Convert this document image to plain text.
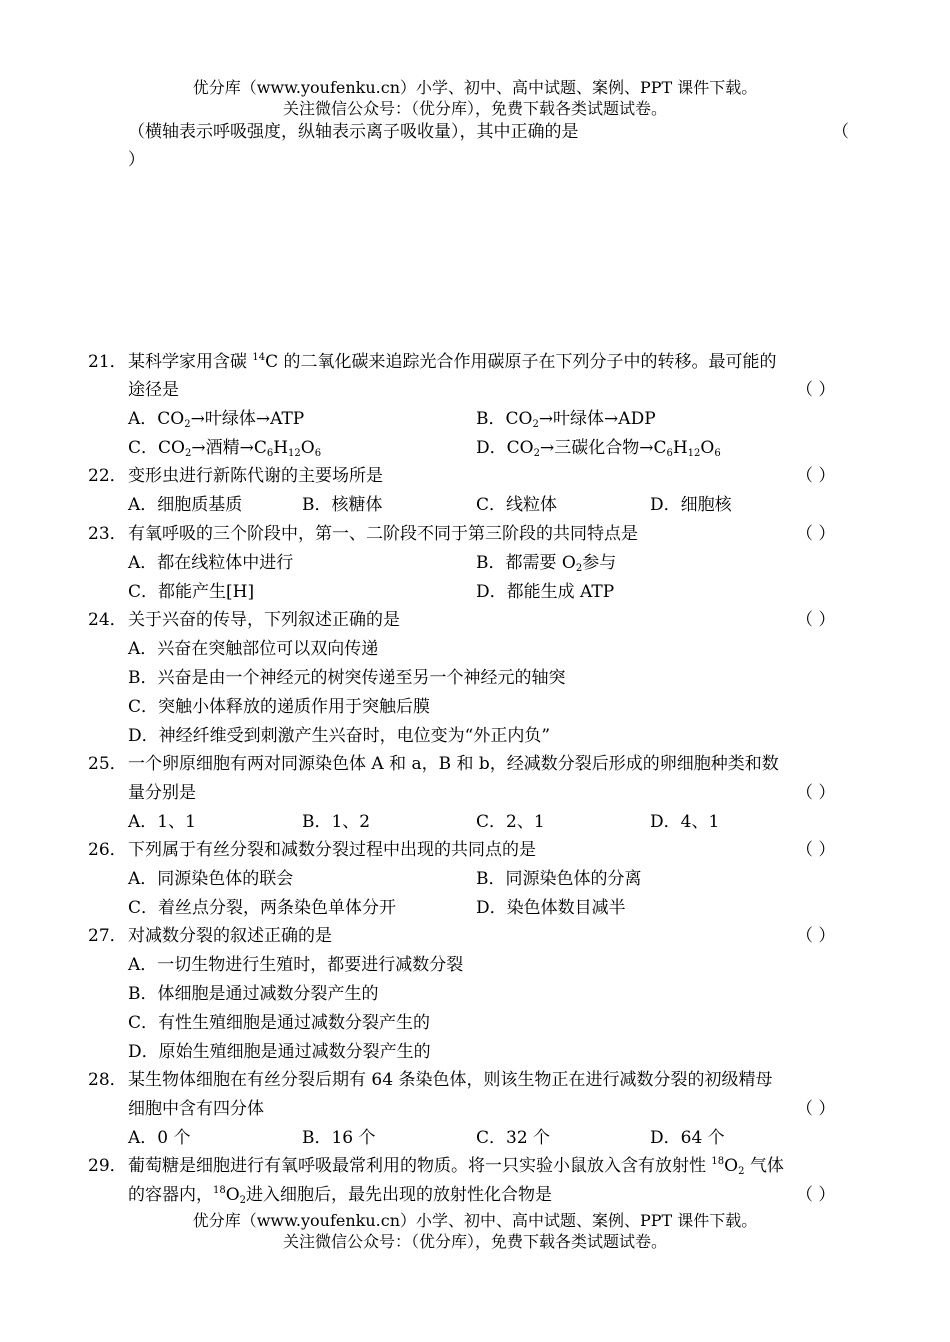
优分库（www.youfenku.cn）小学、初中、高中试题、案例、PPT 课件下载。
关注微信公众号：（优分库），免费下载各类试题试卷。
（横轴表示呼吸强度，纵轴表示离子吸收量），其中正确的是	（
）
21． 某科学家用含碳 $^{14}$C 的二氧化碳来追踪光合作用碳原子在下列分子中的转移。最可能的
途径是	（ ）
A．$CO_2\to$叶绿体→ATP	B．$CO_2\to$叶绿体→ADP
C．$CO_2\to$酒精$\to C_6H_{12}O_6$	D．$CO_2\to$三碳化合物$\to C_6H_{12}O_6$
22． 变形虫进行新陈代谢的主要场所是	（ ）
A．细胞质基质	B．核糖体	C．线粒体	D．细胞核
23． 有氧呼吸的三个阶段中，第一、二阶段不同于第三阶段的共同特点是	（ ）
A．都在线粒体中进行	B．都需要 $O_2$参与
C．都能产生[H]	D．都能生成 ATP
24． 关于兴奋的传导，下列叙述正确的是	（ ）
A．兴奋在突触部位可以双向传递
B．兴奋是由一个神经元的树突传递至另一个神经元的轴突
C．突触小体释放的递质作用于突触后膜
D．神经纤维受到刺激产生兴奋时，电位变为“外正内负”
25． 一个卵原细胞有两对同源染色体 A 和 a，B 和 b，经减数分裂后形成的卵细胞种类和数
量分别是	（ ）
A．1、1	B．1、2	C．2、1	D．4、1
26． 下列属于有丝分裂和减数分裂过程中出现的共同点的是	（ ）
A．同源染色体的联会	B．同源染色体的分离
C．着丝点分裂，两条染色单体分开	D．染色体数目减半
27． 对减数分裂的叙述正确的是	（ ）
A．一切生物进行生殖时，都要进行减数分裂
B．体细胞是通过减数分裂产生的
C．有性生殖细胞是通过减数分裂产生的
D．原始生殖细胞是通过减数分裂产生的
28． 某生物体细胞在有丝分裂后期有 64 条染色体，则该生物正在进行减数分裂的初级精母
细胞中含有四分体	（ ）
A．0 个	B．16 个	C．32 个	D．64 个
29． 葡萄糖是细胞进行有氧呼吸最常利用的物质。将一只实验小鼠放入含有放射性 $^{18}O_2$ 气体
的容器内，$^{18}O_2$进入细胞后，最先出现的放射性化合物是	（ ）
优分库（www.youfenku.cn）小学、初中、高中试题、案例、PPT 课件下载。
关注微信公众号：（优分库），免费下载各类试题试卷。
